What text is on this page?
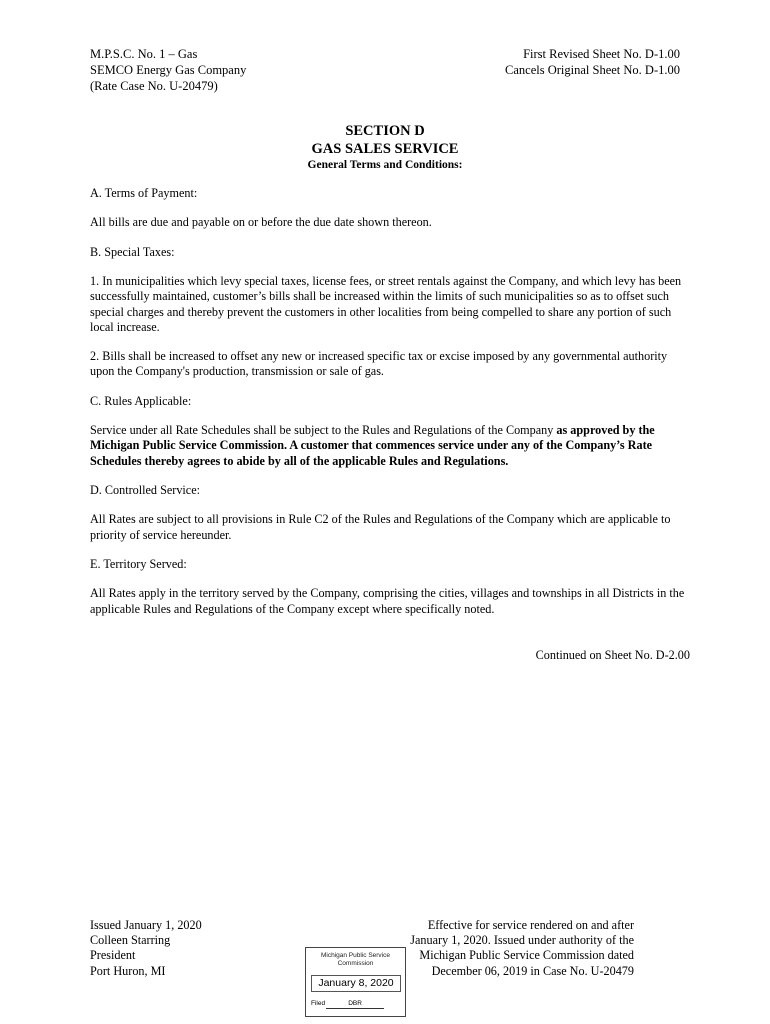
M.P.S.C. No. 1 – Gas
SEMCO Energy Gas Company
(Rate Case No. U-20479)
First Revised Sheet No. D-1.00
Cancels Original Sheet No. D-1.00
SECTION D
GAS SALES SERVICE
General Terms and Conditions:

A. Terms of Payment:

All bills are due and payable on or before the due date shown thereon.

B. Special Taxes:

1. In municipalities which levy special taxes, license fees, or street rentals against the Company, and which levy has been successfully maintained, customer’s bills shall be increased within the limits of such municipalities so as to offset such special charges and thereby prevent the customers in other localities from being compelled to share any portion of such local increase.

2. Bills shall be increased to offset any new or increased specific tax or excise imposed by any governmental authority upon the Company's production, transmission or sale of gas.

C. Rules Applicable:

Service under all Rate Schedules shall be subject to the Rules and Regulations of the Company as approved by the Michigan Public Service Commission. A customer that commences service under any of the Company’s Rate Schedules thereby agrees to abide by all of the applicable Rules and Regulations.

D. Controlled Service:

All Rates are subject to all provisions in Rule C2 of the Rules and Regulations of the Company which are applicable to priority of service hereunder.

E. Territory Served:

All Rates apply in the territory served by the Company, comprising the cities, villages and townships in all Districts in the applicable Rules and Regulations of the Company except where specifically noted.

Continued on Sheet No. D-2.00
Issued January 1, 2020
Colleen Starring
President
Port Huron, MI
Effective for service rendered on and after
January 1, 2020. Issued under authority of the
Michigan Public Service Commission dated
December 06, 2019 in Case No. U-20479
Michigan Public Service
Commission
January 8, 2020
Filed	DBR
